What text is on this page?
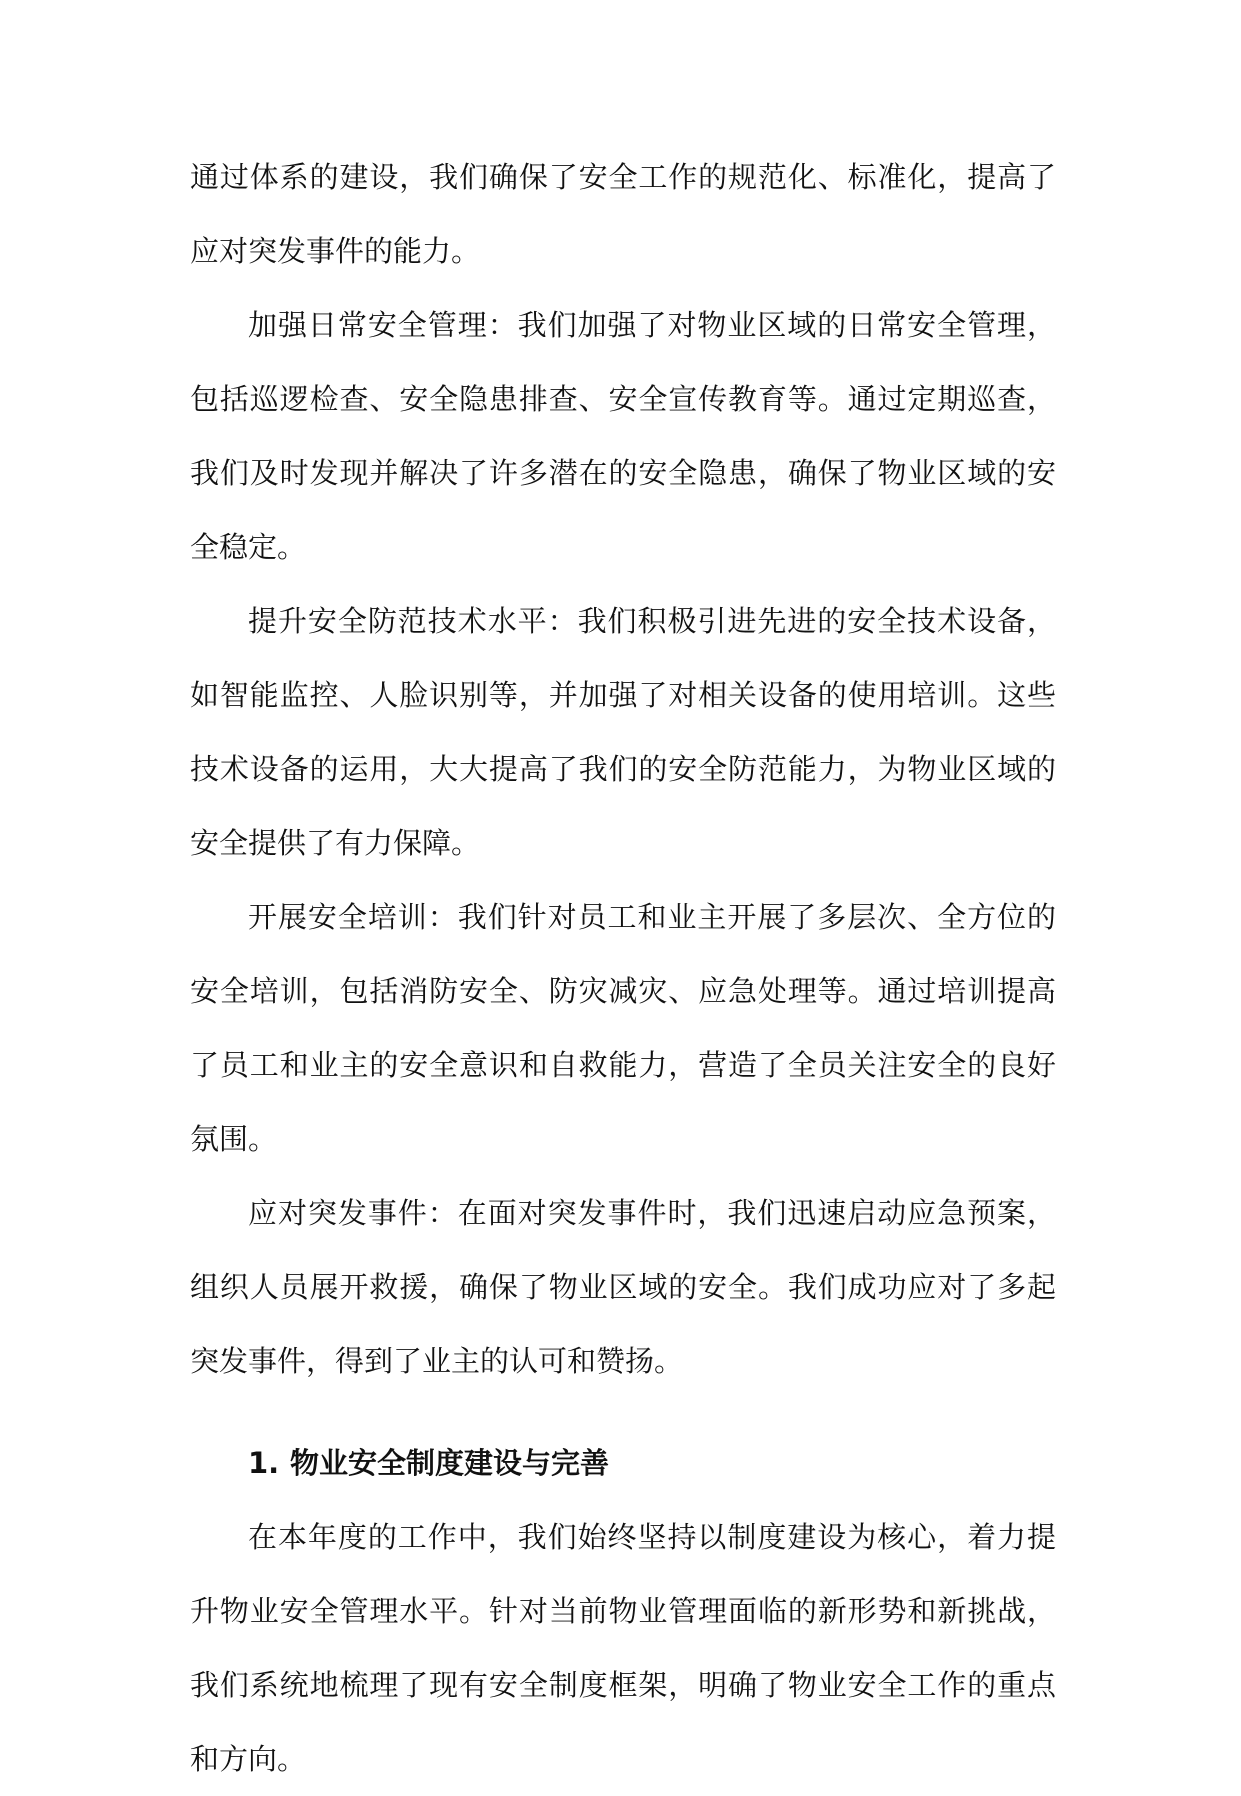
通过体系的建设，我们确保了安全工作的规范化、标准化，提高了应对突发事件的能力。

加强日常安全管理：我们加强了对物业区域的日常安全管理，包括巡逻检查、安全隐患排查、安全宣传教育等。通过定期巡查，我们及时发现并解决了许多潜在的安全隐患，确保了物业区域的安全稳定。

提升安全防范技术水平：我们积极引进先进的安全技术设备，如智能监控、人脸识别等，并加强了对相关设备的使用培训。这些技术设备的运用，大大提高了我们的安全防范能力，为物业区域的安全提供了有力保障。

开展安全培训：我们针对员工和业主开展了多层次、全方位的安全培训，包括消防安全、防灾减灾、应急处理等。通过培训提高了员工和业主的安全意识和自救能力，营造了全员关注安全的良好氛围。

应对突发事件：在面对突发事件时，我们迅速启动应急预案，组织人员展开救援，确保了物业区域的安全。我们成功应对了多起突发事件，得到了业主的认可和赞扬。

1. 物业安全制度建设与完善

在本年度的工作中，我们始终坚持以制度建设为核心，着力提升物业安全管理水平。针对当前物业管理面临的新形势和新挑战，我们系统地梳理了现有安全制度框架，明确了物业安全工作的重点和方向。
